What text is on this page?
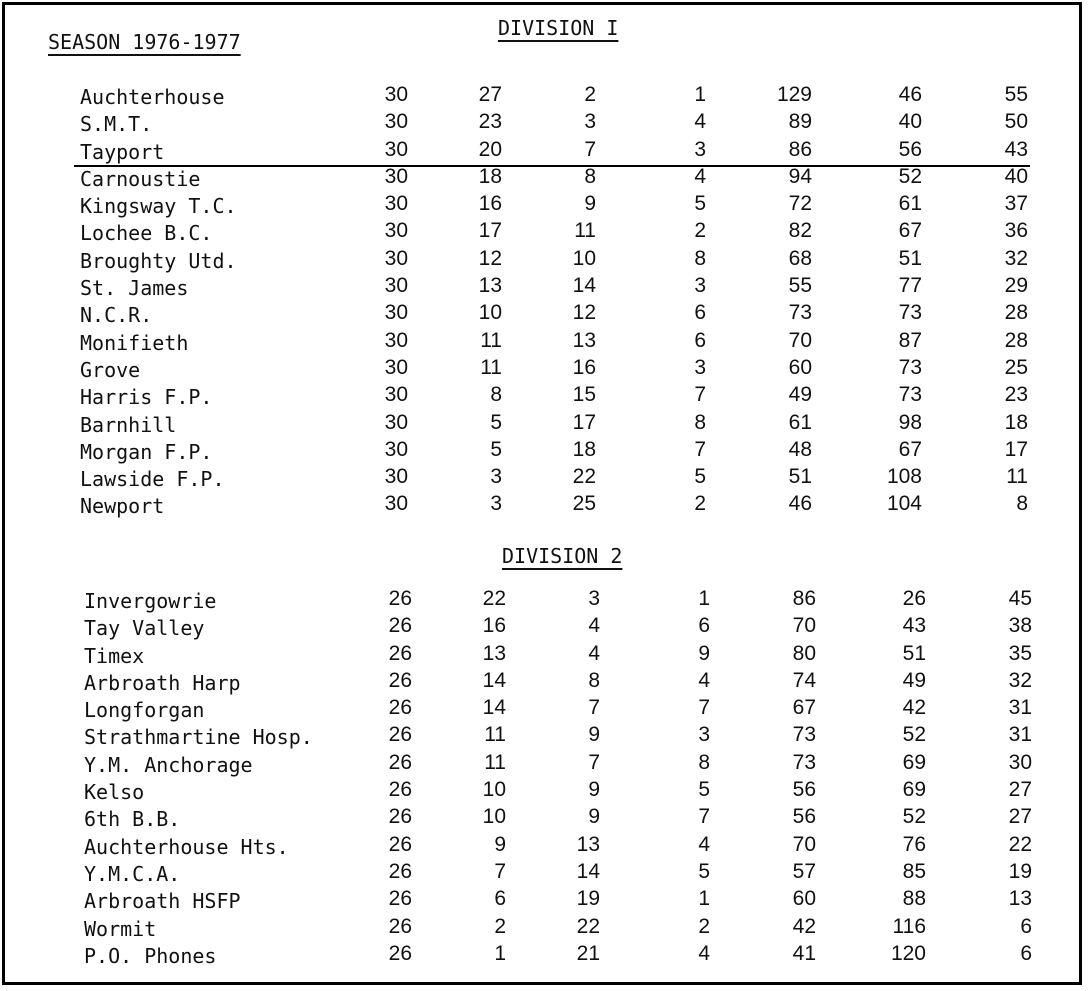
SEASON 1976-1977
DIVISION I
Auchterhouse	30	27	2	1	129	46	55
S.M.T.	30	23	3	4	89	40	50
Tayport	30	20	7	3	86	56	43
Carnoustie	30	18	8	4	94	52	40
Kingsway T.C.	30	16	9	5	72	61	37
Lochee B.C.	30	17	11	2	82	67	36
Broughty Utd.	30	12	10	8	68	51	32
St. James	30	13	14	3	55	77	29
N.C.R.	30	10	12	6	73	73	28
Monifieth	30	11	13	6	70	87	28
Grove	30	11	16	3	60	73	25
Harris F.P.	30	8	15	7	49	73	23
Barnhill	30	5	17	8	61	98	18
Morgan F.P.	30	5	18	7	48	67	17
Lawside F.P.	30	3	22	5	51	108	11
Newport	30	3	25	2	46	104	8
DIVISION 2
Invergowrie	26	22	3	1	86	26	45
Tay Valley	26	16	4	6	70	43	38
Timex	26	13	4	9	80	51	35
Arbroath Harp	26	14	8	4	74	49	32
Longforgan	26	14	7	7	67	42	31
Strathmartine Hosp.	26	11	9	3	73	52	31
Y.M. Anchorage	26	11	7	8	73	69	30
Kelso	26	10	9	5	56	69	27
6th B.B.	26	10	9	7	56	52	27
Auchterhouse Hts.	26	9	13	4	70	76	22
Y.M.C.A.	26	7	14	5	57	85	19
Arbroath HSFP	26	6	19	1	60	88	13
Wormit	26	2	22	2	42	116	6
P.O. Phones	26	1	21	4	41	120	6
